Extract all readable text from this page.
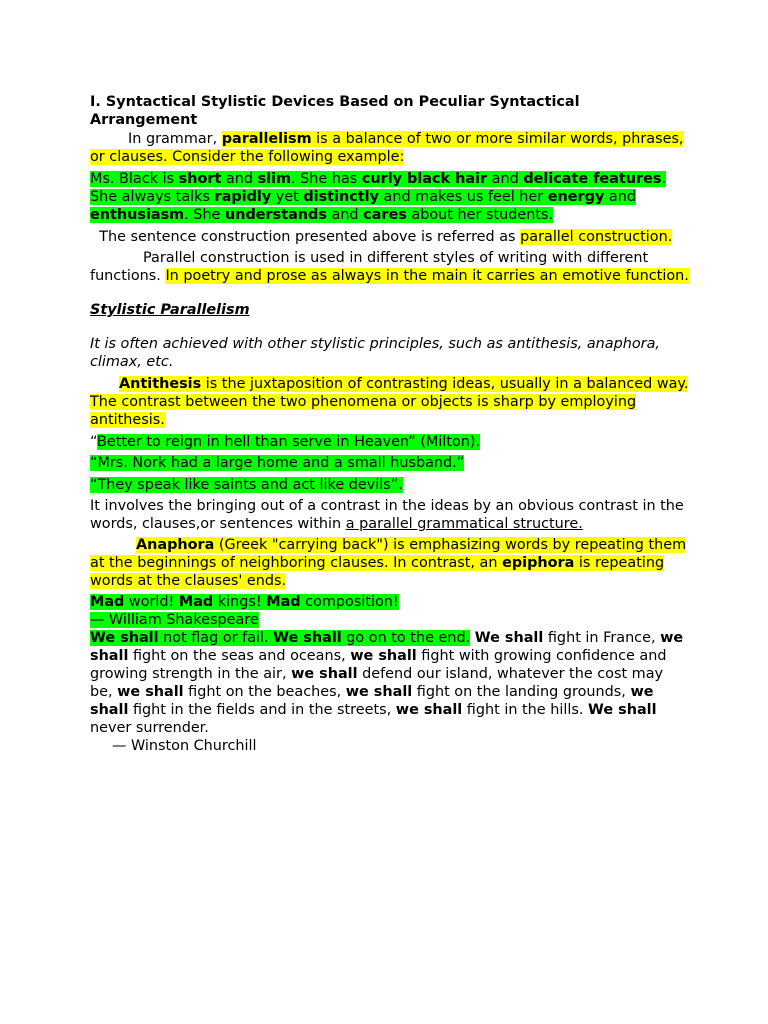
I. Syntactical Stylistic Devices Based on Peculiar Syntactical Arrangement

In grammar, parallelism is a balance of two or more similar words, phrases, or clauses. Consider the following example:

Ms. Black is short and slim. She has curly black hair and delicate features. She always talks rapidly yet distinctly and makes us feel her energy and enthusiasm. She understands and cares about her students.

The sentence construction presented above is referred as parallel construction.

Parallel construction is used in different styles of writing with different functions. In poetry and prose as always in the main it carries an emotive function.

Stylistic Parallelism

It is often achieved with other stylistic principles, such as antithesis, anaphora, climax, etc.

Antithesis is the juxtaposition of contrasting ideas, usually in a balanced way. The contrast between the two phenomena or objects is sharp by employing antithesis.

“Better to reign in hell than serve in Heaven” (Milton).

“Mrs. Nork had a large home and a small husband.”

“They speak like saints and act like devils”.

It involves the bringing out of a contrast in the ideas by an obvious contrast in the words, clauses,or sentences within a parallel grammatical structure.

Anaphora (Greek "carrying back") is emphasizing words by repeating them at the beginnings of neighboring clauses. In contrast, an epiphora is repeating words at the clauses' ends.

Mad world! Mad kings! Mad composition!

— William Shakespeare

We shall not flag or fail. We shall go on to the end. We shall fight in France, we shall fight on the seas and oceans, we shall fight with growing confidence and growing strength in the air, we shall defend our island, whatever the cost may be, we shall fight on the beaches, we shall fight on the landing grounds, we shall fight in the fields and in the streets, we shall fight in the hills. We shall never surrender.

— Winston Churchill
